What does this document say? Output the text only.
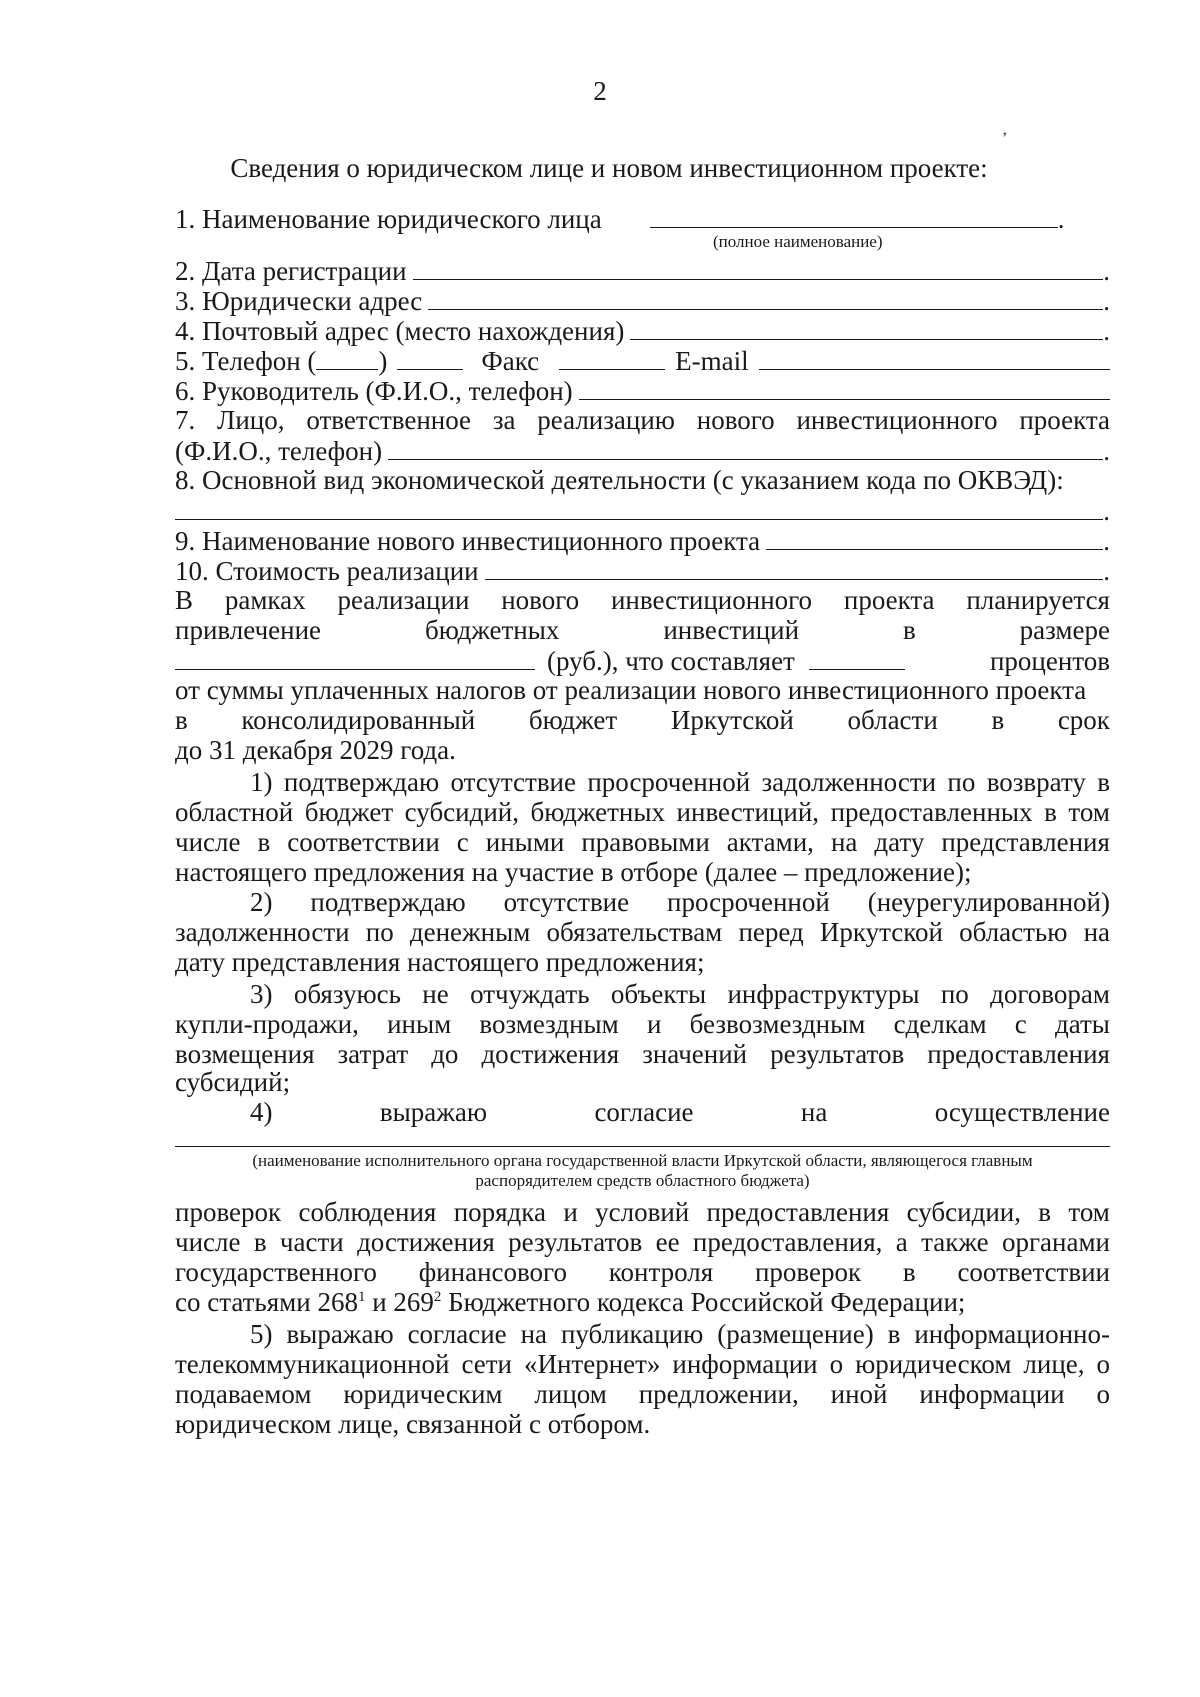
2
ʼ
Сведения о юридическом лице и новом инвестиционном проекте:
1. Наименование юридического лица	.
(полное наименование)
2. Дата регистрации	.
3. Юридически адрес	.
4. Почтовый адрес (место нахождения)	.
5. Телефон ( )	Факс	E-mail
6. Руководитель (Ф.И.О., телефон)
7. Лицо, ответственное за реализацию нового инвестиционного проекта
(Ф.И.О., телефон)	.
8. Основной вид экономической деятельности (с указанием кода по ОКВЭД):
.
9. Наименование нового инвестиционного проекта	.
10. Стоимость реализации	.
В рамках реализации нового инвестиционного проекта планируется
привлечение	бюджетных	инвестиций	в	размере
(руб.), что составляет	процентов
от суммы уплаченных налогов от реализации нового инвестиционного проекта
в консолидированный бюджет Иркутской области в срок
до 31 декабря 2029 года.
1) подтверждаю отсутствие просроченной задолженности по возврату в
областной бюджет субсидий, бюджетных инвестиций, предоставленных в том
числе в соответствии с иными правовыми актами, на дату представления
настоящего предложения на участие в отборе (далее – предложение);
2) подтверждаю отсутствие просроченной (неурегулированной)
задолженности по денежным обязательствам перед Иркутской областью на
дату представления настоящего предложения;
3) обязуюсь не отчуждать объекты инфраструктуры по договорам
купли-продажи, иным возмездным и безвозмездным сделкам с даты
возмещения затрат до достижения значений результатов предоставления
субсидий;
4)	выражаю	согласие	на	осуществление
(наименование исполнительного органа государственной власти Иркутской области, являющегося главным
распорядителем средств областного бюджета)
проверок соблюдения порядка и условий предоставления субсидии, в том
числе в части достижения результатов ее предоставления, а также органами
государственного финансового контроля проверок в соответствии
со статьями $268^1$ и $269^2$ Бюджетного кодекса Российской Федерации;
5) выражаю согласие на публикацию (размещение) в информационно-
телекоммуникационной сети «Интернет» информации о юридическом лице, о
подаваемом юридическим лицом предложении, иной информации о
юридическом лице, связанной с отбором.
